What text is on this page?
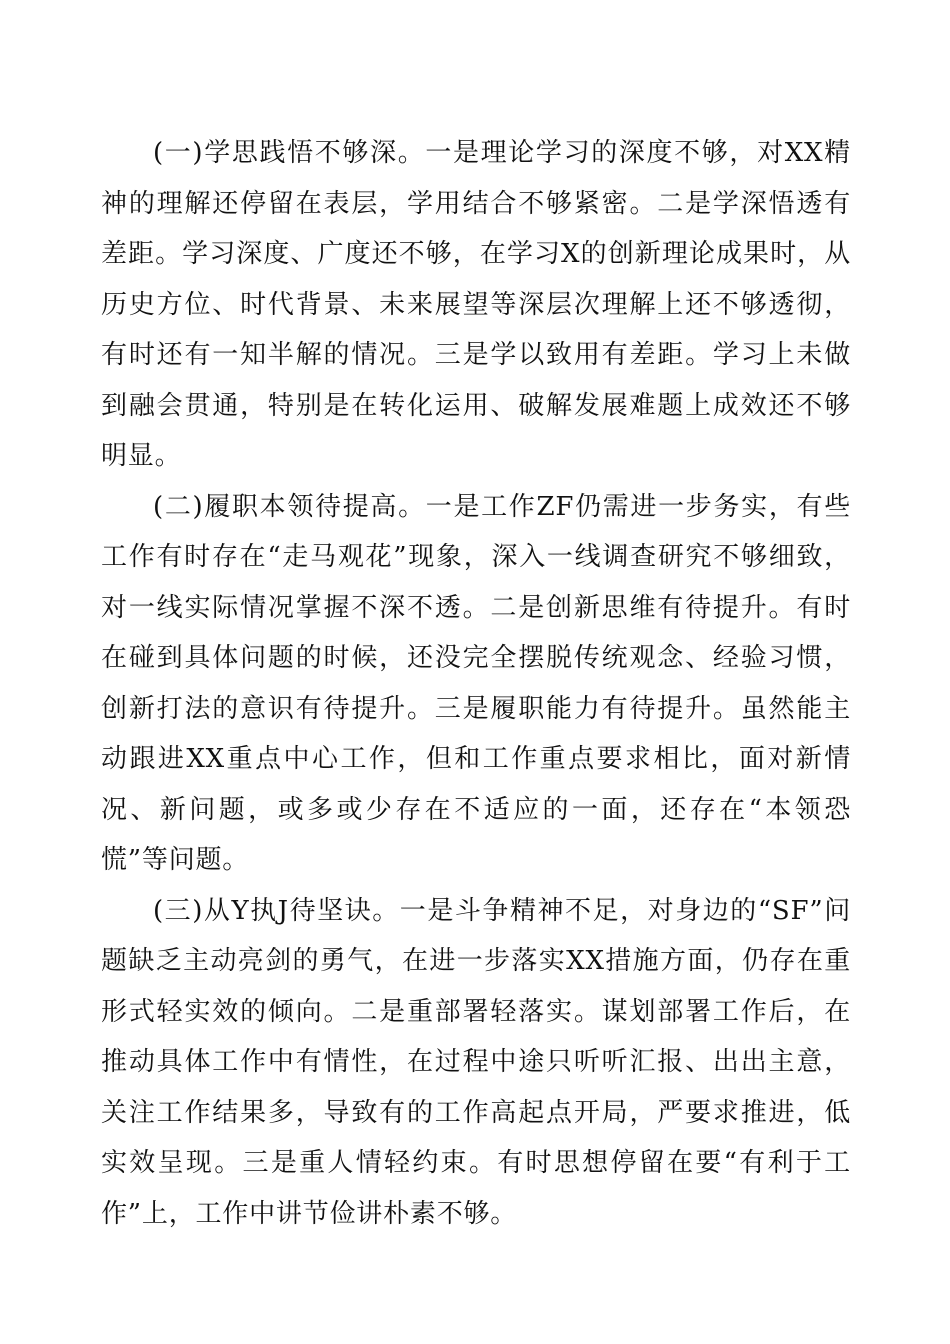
(一)学思践悟不够深。一是理论学习的深度不够，对XX精神的理解还停留在表层，学用结合不够紧密。二是学深悟透有差距。学习深度、广度还不够，在学习X的创新理论成果时，从历史方位、时代背景、未来展望等深层次理解上还不够透彻，有时还有一知半解的情况。三是学以致用有差距。学习上未做到融会贯通，特别是在转化运用、破解发展难题上成效还不够明显。

(二)履职本领待提高。一是工作ZF仍需进一步务实，有些工作有时存在“走马观花”现象，深入一线调查研究不够细致，对一线实际情况掌握不深不透。二是创新思维有待提升。有时在碰到具体问题的时候，还没完全摆脱传统观念、经验习惯，创新打法的意识有待提升。三是履职能力有待提升。虽然能主动跟进XX重点中心工作，但和工作重点要求相比，面对新情况、新问题，或多或少存在不适应的一面，还存在“本领恐慌”等问题。

(三)从Y执J待坚诀。一是斗争精神不足，对身边的“SF”问题缺乏主动亮剑的勇气，在进一步落实XX措施方面，仍存在重形式轻实效的倾向。二是重部署轻落实。谋划部署工作后，在推动具体工作中有情性，在过程中途只听听汇报、出出主意，关注工作结果多，导致有的工作高起点开局，严要求推进，低实效呈现。三是重人情轻约束。有时思想停留在要“有利于工作”上，工作中讲节俭讲朴素不够。
